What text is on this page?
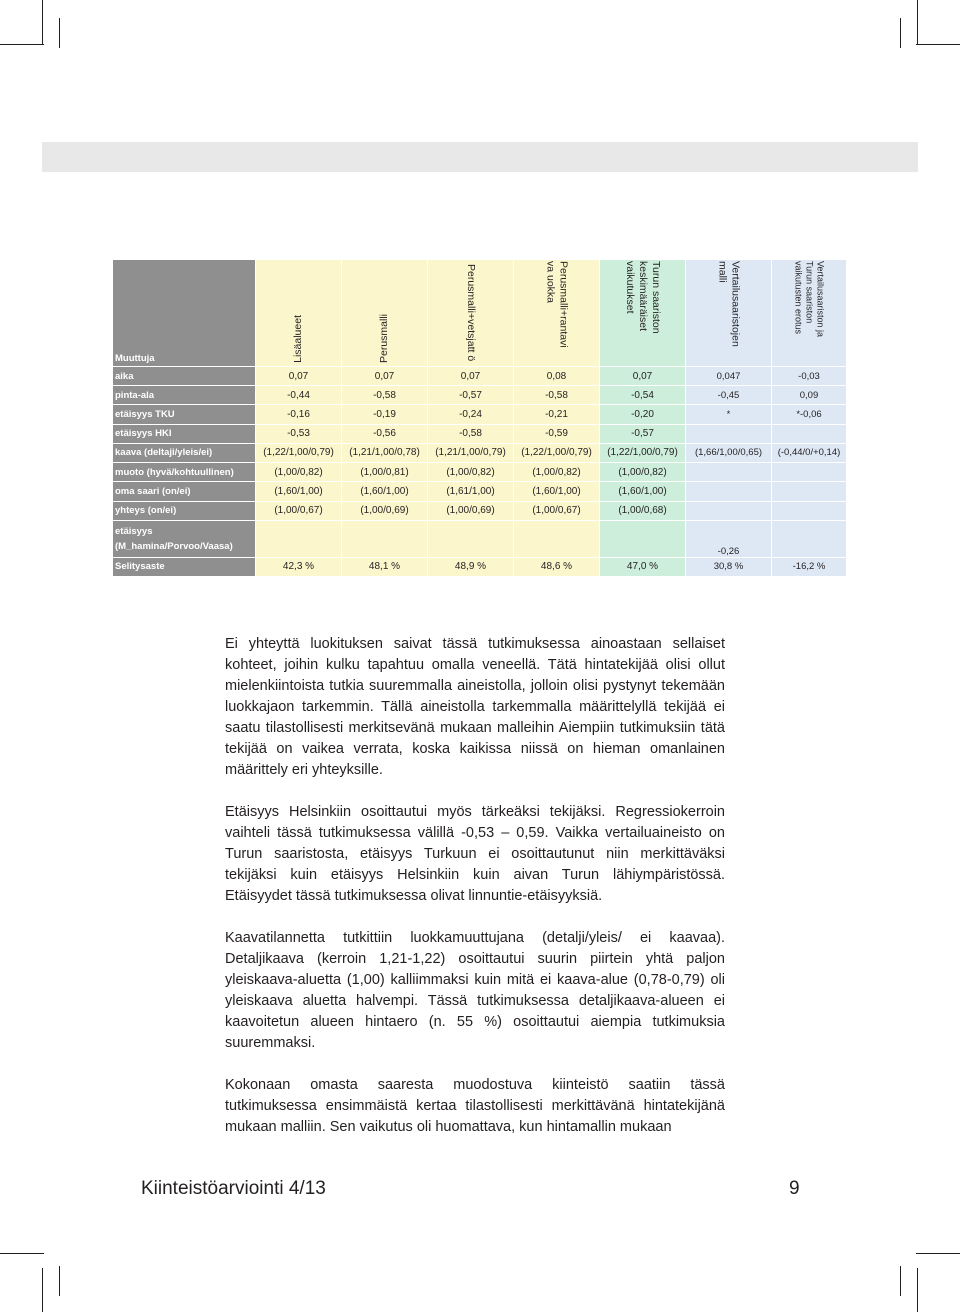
Muuttuja	Lisäalueet	Perusmalli	Perusmalli+vetsjatt ö	Perusmalli+rantavi va uokka	Turun saariston keskimääräiset vaikutukset	Vertailusaaristojen malli	Vertailusaariston ja Turun saariston vaikutusten erotus
aika	0,07	0,07	0,07	0,08	0,07	0,047	-0,03
pinta-ala	-0,44	-0,58	-0,57	-0,58	-0,54	-0,45	0,09
etäisyys TKU	-0,16	-0,19	-0,24	-0,21	-0,20	*	*-0,06
etäisyys HKI	-0,53	-0,56	-0,58	-0,59	-0,57		
kaava (deltaji/yleis/ei)	(1,22/1,00/0,79)	(1,21/1,00/0,78)	(1,21/1,00/0,79)	(1,22/1,00/0,79)	(1,22/1,00/0,79)	(1,66/1,00/0,65)	(-0,44/0/+0,14)
muoto (hyvä/kohtuullinen)	(1,00/0,82)	(1,00/0,81)	(1,00/0,82)	(1,00/0,82)	(1,00/0,82)		
oma saari (on/ei)	(1,60/1,00)	(1,60/1,00)	(1,61/1,00)	(1,60/1,00)	(1,60/1,00)		
yhteys (on/ei)	(1,00/0,67)	(1,00/0,69)	(1,00/0,69)	(1,00/0,67)	(1,00/0,68)		
etäisyys (M_hamina/Porvoo/Vaasa)						-0,26	
Selitysaste	42,3 %	48,1 %	48,9 %	48,6 %	47,0 %	30,8 %	-16,2 %

Ei yhteyttä luokituksen saivat tässä tutkimuksessa ainoastaan sellaiset kohteet, joihin kulku tapahtuu omalla veneellä. Tätä hintatekijää olisi ollut mielenkiintoista tutkia suuremmalla aineistolla, jolloin olisi pystynyt tekemään luokkajaon tarkemmin. Tällä aineistolla tarkemmalla määrittelyllä tekijää ei saatu tilastollisesti merkitsevänä mukaan malleihin Aiempiin tutkimuksiin tätä tekijää on vaikea verrata, koska kaikissa niissä on hieman omanlainen määrittely eri yhteyksille.

Etäisyys Helsinkiin osoittautui myös tärkeäksi tekijäksi. Regressiokerroin vaihteli tässä tutkimuksessa välillä -0,53 – 0,59. Vaikka vertailuaineisto on Turun saaristosta, etäisyys Turkuun ei osoittautunut niin merkittäväksi tekijäksi kuin etäisyys Helsinkiin kuin aivan Turun lähiympäristössä. Etäisyydet tässä tutkimuksessa olivat linnuntie-etäisyyksiä.

Kaavatilannetta tutkittiin luokkamuuttujana (detalji/yleis/ ei kaavaa). Detaljikaava (kerroin 1,21-1,22) osoittautui suurin piirtein yhtä paljon yleiskaava-aluetta (1,00) kalliimmaksi kuin mitä ei kaava-alue (0,78-0,79) oli yleiskaava aluetta halvempi. Tässä tutkimuksessa detaljikaava-alueen ei kaavoitetun alueen hintaero (n. 55 %) osoittautui aiempia tutkimuksia suuremmaksi.

Kokonaan omasta saaresta muodostuva kiinteistö saatiin tässä tutkimuksessa ensimmäistä kertaa tilastollisesti merkittävänä hintatekijänä mukaan malliin. Sen vaikutus oli huomattava, kun hintamallin mukaan

Kiinteistöarviointi 4/13	9
